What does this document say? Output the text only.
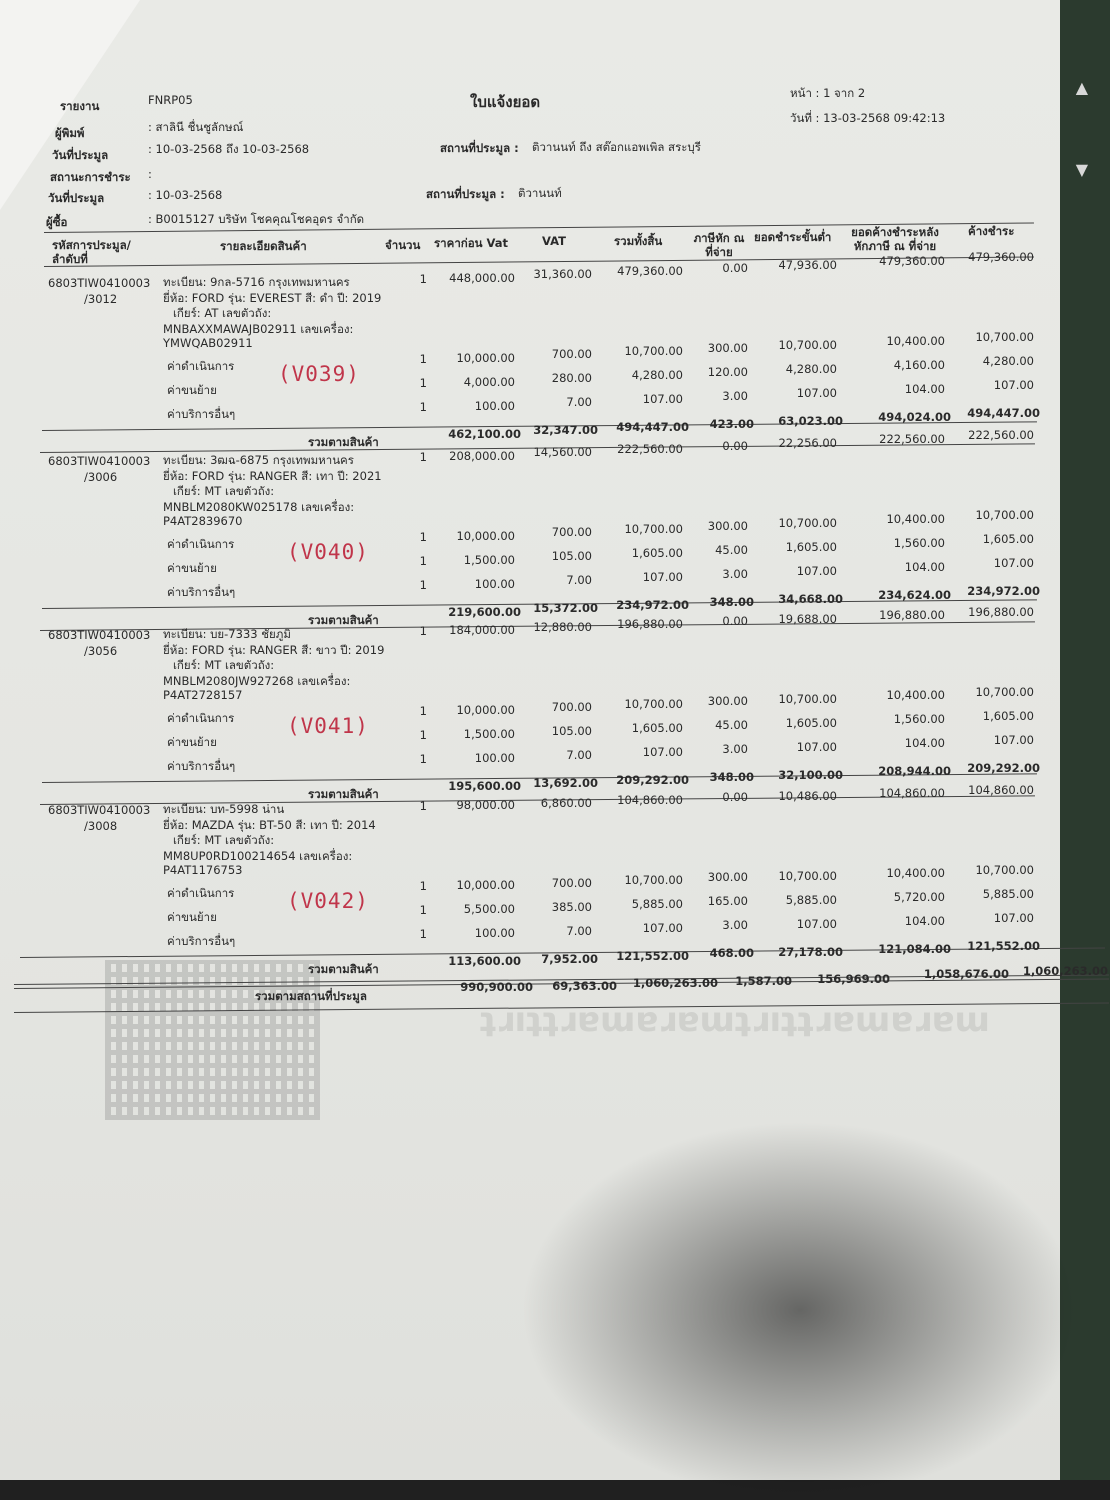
▲
▼
ʇɹıʇʇɹɐɯɐɹɐɯʇɹıʇʇɹɐɯɐɹɐɯ
รายงาน	FNRP05	ใบแจ้งยอด	หน้า : 1 จาก 2
ผู้พิมพ์	: สาลินี ชื่นชูลักษณ์
วันที่ : 13-03-2568 09:42:13
วันที่ประมูล	: 10-03-2568 ถึง 10-03-2568	สถานที่ประมูล : ติวานนท์ ถึง สต๊อกแอพเพิล สระบุรี
สถานะการชำระ :
วันที่ประมูล	: 10-03-2568	สถานที่ประมูล : ติวานนท์
ผู้ซื้อ	: B0015127 บริษัท โชคคุณโชคอุดร จำกัด
รหัสการประมูล/ ลำดับที่
รายละเอียดสินค้า	จำนวน ราคาก่อน Vat	VAT	รวมทั้งสิ้น	ภาษีหัก ณ ที่จ่าย
ยอดชำระขั้นต่ำ	ยอดค้างชำระหลัง หักภาษี ณ ที่จ่าย
ค้างชำระ
6803TIW0410003
/3012
ทะเบียน: 9กล-5716 กรุงเทพมหานคร
ยี่ห้อ: FORD รุ่น: EVEREST สี: ดำ ปี: 2019
เกียร์: AT เลขตัวถัง:
MNBAXXMAWAJB02911 เลขเครื่อง:
YMWQAB02911
1	448,000.00	31,360.00	479,360.00	0.00	47,936.00	479,360.00	479,360.00
ค่าดำเนินการ	1	10,000.00	700.00	10,700.00	300.00	10,700.00	10,400.00	10,700.00
ค่าขนย้าย	1	4,000.00	280.00	4,280.00	120.00	4,280.00	4,160.00	4,280.00
ค่าบริการอื่นๆ	1	100.00	7.00	107.00	3.00	107.00	104.00	107.00
(V039)
รวมตามสินค้า
462,100.00	32,347.00	494,447.00	423.00	63,023.00	494,024.00	494,447.00
6803TIW0410003
/3006
ทะเบียน: 3ฒฉ-6875 กรุงเทพมหานคร
ยี่ห้อ: FORD รุ่น: RANGER สี: เทา ปี: 2021
เกียร์: MT เลขตัวถัง:
MNBLM2080KW025178 เลขเครื่อง:
P4AT2839670
1	208,000.00	14,560.00	222,560.00	0.00	22,256.00	222,560.00	222,560.00
ค่าดำเนินการ	1	10,000.00	700.00	10,700.00	300.00	10,700.00	10,400.00	10,700.00
ค่าขนย้าย	1	1,500.00	105.00	1,605.00	45.00	1,605.00	1,560.00	1,605.00
ค่าบริการอื่นๆ	1	100.00	7.00	107.00	3.00	107.00	104.00	107.00
(V040)
รวมตามสินค้า
219,600.00	15,372.00	234,972.00	348.00	34,668.00	234,624.00	234,972.00
6803TIW0410003
/3056
ทะเบียน: บย-7333 ชัยภูมิ
ยี่ห้อ: FORD รุ่น: RANGER สี: ขาว ปี: 2019
เกียร์: MT เลขตัวถัง:
MNBLM2080JW927268 เลขเครื่อง:
P4AT2728157
1	184,000.00	12,880.00	196,880.00	0.00	19,688.00	196,880.00	196,880.00
ค่าดำเนินการ	1	10,000.00	700.00	10,700.00	300.00	10,700.00	10,400.00	10,700.00
ค่าขนย้าย	1	1,500.00	105.00	1,605.00	45.00	1,605.00	1,560.00	1,605.00
ค่าบริการอื่นๆ	1	100.00	7.00	107.00	3.00	107.00	104.00	107.00
(V041)
รวมตามสินค้า
195,600.00	13,692.00	209,292.00	348.00	32,100.00	208,944.00	209,292.00
6803TIW0410003
/3008
ทะเบียน: บท-5998 น่าน
ยี่ห้อ: MAZDA รุ่น: BT-50 สี: เทา ปี: 2014
เกียร์: MT เลขตัวถัง:
MM8UP0RD100214654 เลขเครื่อง:
P4AT1176753
1	98,000.00	6,860.00	104,860.00	0.00	10,486.00	104,860.00	104,860.00
ค่าดำเนินการ	1	10,000.00	700.00	10,700.00	300.00	10,700.00	10,400.00	10,700.00
ค่าขนย้าย	1	5,500.00	385.00	5,885.00	165.00	5,885.00	5,720.00	5,885.00
ค่าบริการอื่นๆ	1	100.00	7.00	107.00	3.00	107.00	104.00	107.00
(V042)
รวมตามสินค้า
113,600.00	7,952.00	121,552.00	468.00	27,178.00	121,084.00	121,552.00
รวมตามสถานที่ประมูล
990,900.00	69,363.00	1,060,263.00	1,587.00	156,969.00	1,058,676.00	1,060,263.00
